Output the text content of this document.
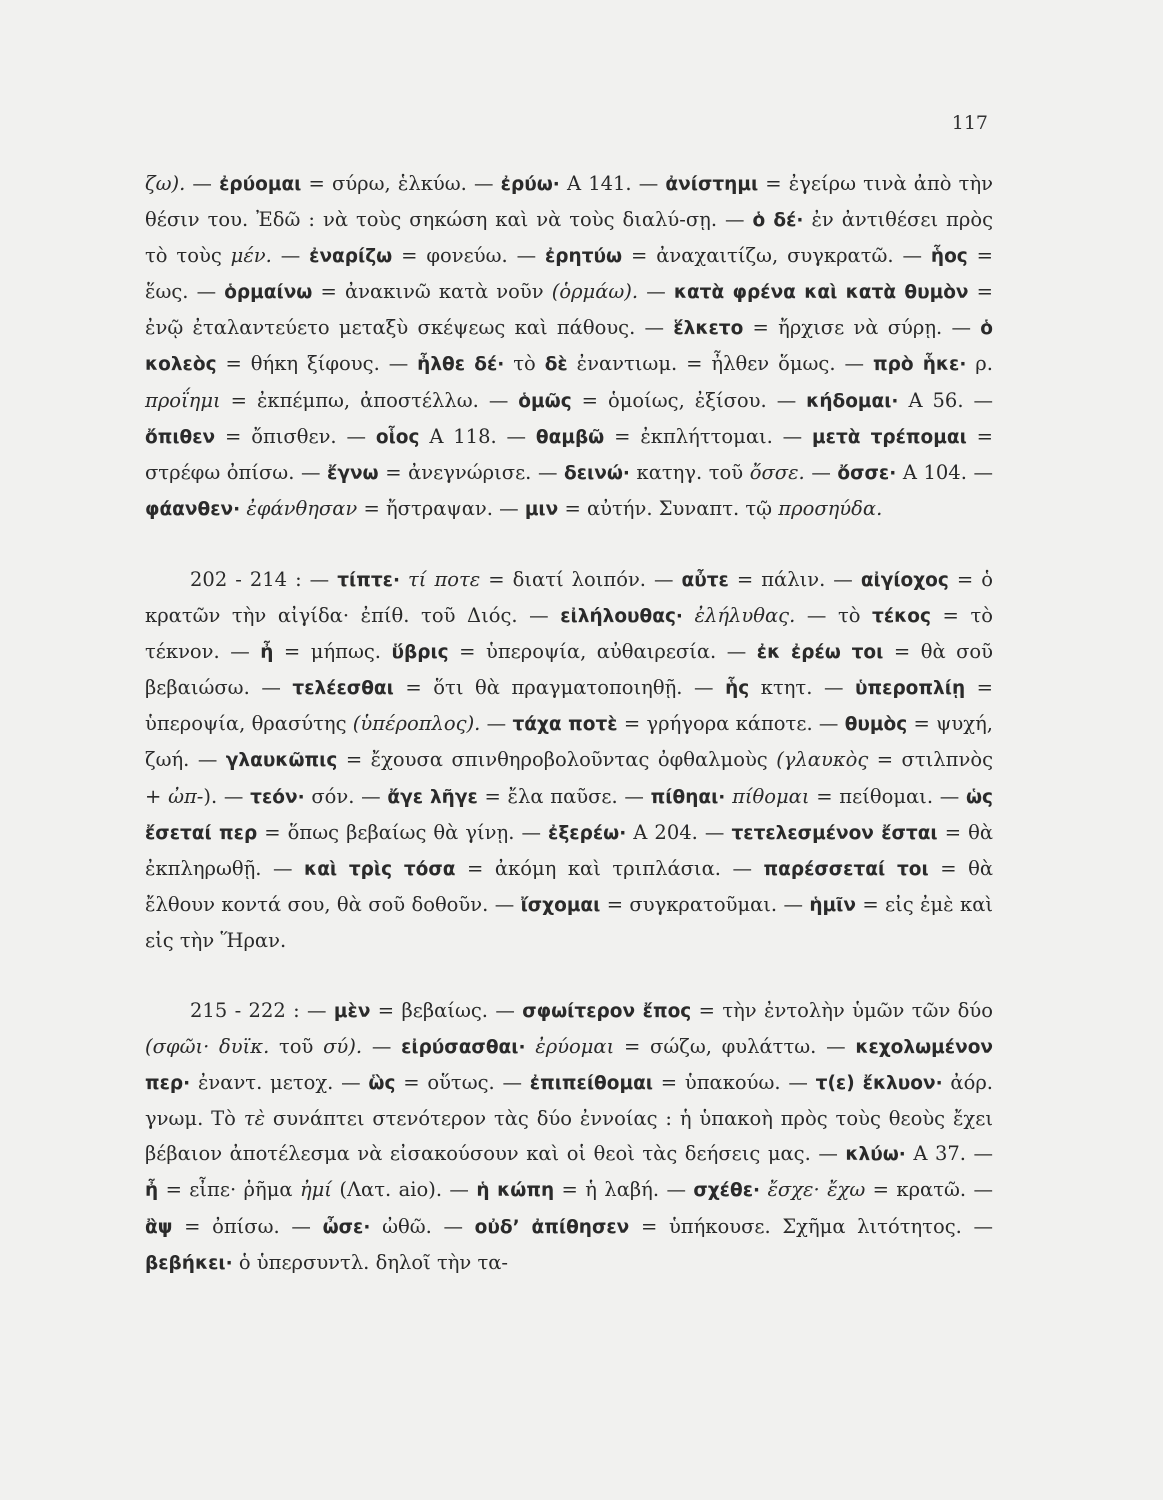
117

ζω). — ἐρύομαι = σύρω, ἑλκύω. — ἐρύω· Α 141. — ἀνίστημι = ἐγείρω τινὰ ἀπὸ τὴν θέσιν του. Ἐδῶ : νὰ τοὺς σηκώση καὶ νὰ τοὺς διαλύ-σῃ. — ὁ δέ· ἐν ἀντιθέσει πρὸς τὸ τοὺς μέν. — ἐναρίζω = φονεύω. — ἐρητύω = ἀναχαιτίζω, συγκρατῶ. — ἧος = ἕως. — ὁρμαίνω = ἀνακινῶ κατὰ νοῦν (ὁρμάω). — κατὰ φρένα καὶ κατὰ θυμὸν = ἐνῷ ἐταλαντεύετο μεταξὺ σκέψεως καὶ πάθους. — ἕλκετο = ἤρχισε νὰ σύρῃ. — ὁ κολεὸς = θήκη ξίφους. — ἦλθε δέ· τὸ δὲ ἐναντιωμ. = ἦλθεν ὅμως. — πρὸ ἧκε· ρ. προΐημι = ἐκπέμπω, ἀποστέλλω. — ὁμῶς = ὁμοίως, ἐξίσου. — κήδομαι· Α 56. — ὄπιθεν = ὄπισθεν. — οἷος Α 118. — θαμβῶ = ἐκπλήττομαι. — μετὰ τρέπομαι = στρέφω ὀπίσω. — ἔγνω = ἀνεγνώρισε. — δεινώ· κατηγ. τοῦ ὄσσε. — ὄσσε· Α 104. — φάανθεν· ἐφάνθησαν = ἤστραψαν. — μιν = αὐτήν. Συναπτ. τῷ προσηύδα.

202 - 214 : — τίπτε· τί ποτε = διατί λοιπόν. — αὖτε = πάλιν. — αἰγίοχος = ὁ κρατῶν τὴν αἰγίδα· ἐπίθ. τοῦ Διός. — εἰλήλουθας· ἐλήλυθας. — τὸ τέκος = τὸ τέκνον. — ἦ = μήπως. ὕβρις = ὑπεροψία, αὐθαιρεσία. — ἐκ ἐρέω τοι = θὰ σοῦ βεβαιώσω. — τελέεσθαι = ὅτι θὰ πραγματοποιηθῇ. — ἧς κτητ. — ὑπεροπλίῃ = ὑπεροψία, θρασύτης (ὑπέροπλος). — τάχα ποτὲ = γρήγορα κάποτε. — θυμὸς = ψυχή, ζωή. — γλαυκῶπις = ἔχουσα σπινθηροβολοῦντας ὀφθαλμοὺς (γλαυκὸς = στιλπνὸς + ὠπ-). — τεόν· σόν. — ἄγε λῆγε = ἔλα παῦσε. — πίθηαι· πίθομαι = πείθομαι. — ὡς ἔσεταί περ = ὅπως βεβαίως θὰ γίνῃ. — ἐξερέω· Α 204. — τετελεσμένον ἔσται = θὰ ἐκπληρωθῇ. — καὶ τρὶς τόσα = ἀκόμη καὶ τριπλάσια. — παρέσσεταί τοι = θὰ ἔλθουν κοντά σου, θὰ σοῦ δοθοῦν. — ἴσχομαι = συγκρατοῦμαι. — ἡμῖν = εἰς ἐμὲ καὶ εἰς τὴν Ἥραν.

215 - 222 : — μὲν = βεβαίως. — σφωίτερον ἔπος = τὴν ἐντολὴν ὑμῶν τῶν δύο (σφῶι· δυϊκ. τοῦ σύ). — εἰρύσασθαι· ἐρύομαι = σώζω, φυλάττω. — κεχολωμένον περ· ἐναντ. μετοχ. — ὣς = οὕτως. — ἐπιπείθομαι = ὑπακούω. — τ(ε) ἔκλυον· ἀόρ. γνωμ. Τὸ τὲ συνάπτει στενότερον τὰς δύο ἐννοίας : ἡ ὑπακοὴ πρὸς τοὺς θεοὺς ἔχει βέβαιον ἀποτέλεσμα νὰ εἰσακούσουν καὶ οἱ θεοὶ τὰς δεήσεις μας. — κλύω· Α 37. — ἦ = εἶπε· ῥῆμα ἠμί (Λατ. aio). — ἡ κώπη = ἡ λαβή. — σχέθε· ἔσχε· ἔχω = κρατῶ. — ἂψ = ὀπίσω. — ὦσε· ὠθῶ. — οὐδ’ ἀπίθησεν = ὑπήκουσε. Σχῆμα λιτότητος. — βεβήκει· ὁ ὑπερσυντλ. δηλοῖ τὴν τα-
